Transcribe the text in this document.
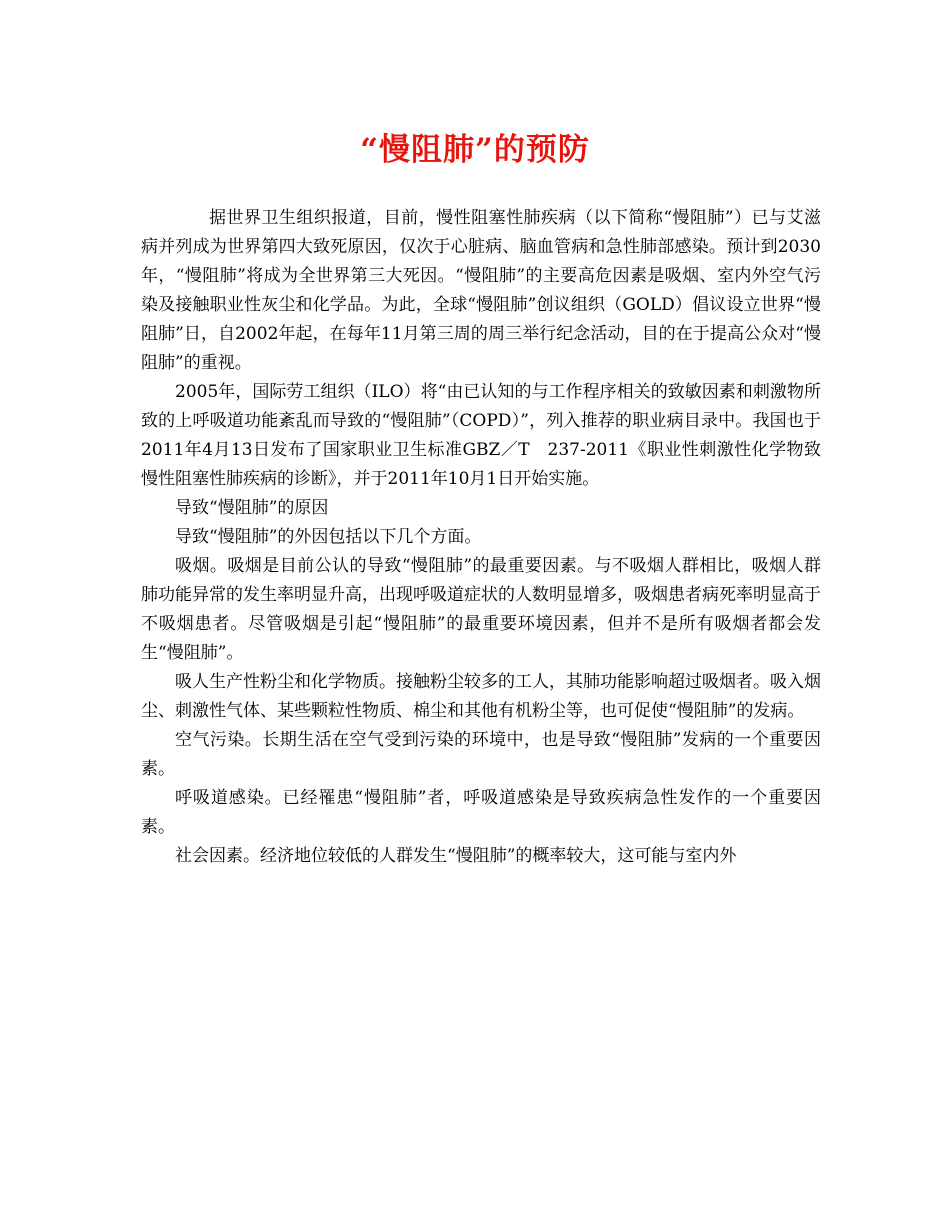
“慢阻肺”的预防

据世界卫生组织报道，目前，慢性阻塞性肺疾病（以下简称“慢阻肺”）已与艾滋病并列成为世界第四大致死原因，仅次于心脏病、脑血管病和急性肺部感染。预计到2030年，“慢阻肺”将成为全世界第三大死因。“慢阻肺”的主要高危因素是吸烟、室内外空气污染及接触职业性灰尘和化学品。为此，全球“慢阻肺”创议组织（GOLD）倡议设立世界“慢阻肺”日，自2002年起，在每年11月第三周的周三举行纪念活动，目的在于提高公众对“慢阻肺”的重视。

2005年，国际劳工组织（ILO）将“由已认知的与工作程序相关的致敏因素和刺激物所致的上呼吸道功能紊乱而导致的“慢阻肺”（COPD）”，列入推荐的职业病目录中。我国也于2011年4月13日发布了国家职业卫生标准GBZ／T　237-2011《职业性刺激性化学物致慢性阻塞性肺疾病的诊断》，并于2011年10月1日开始实施。

导致“慢阻肺”的原因

导致“慢阻肺”的外因包括以下几个方面。

吸烟。吸烟是目前公认的导致“慢阻肺”的最重要因素。与不吸烟人群相比，吸烟人群肺功能异常的发生率明显升高，出现呼吸道症状的人数明显增多，吸烟患者病死率明显高于不吸烟患者。尽管吸烟是引起“慢阻肺”的最重要环境因素，但并不是所有吸烟者都会发生“慢阻肺”。

吸人生产性粉尘和化学物质。接触粉尘较多的工人，其肺功能影响超过吸烟者。吸入烟尘、刺激性气体、某些颗粒性物质、棉尘和其他有机粉尘等，也可促使“慢阻肺”的发病。

空气污染。长期生活在空气受到污染的环境中，也是导致“慢阻肺”发病的一个重要因素。

呼吸道感染。已经罹患“慢阻肺”者，呼吸道感染是导致疾病急性发作的一个重要因素。

社会因素。经济地位较低的人群发生“慢阻肺”的概率较大，这可能与室内外
